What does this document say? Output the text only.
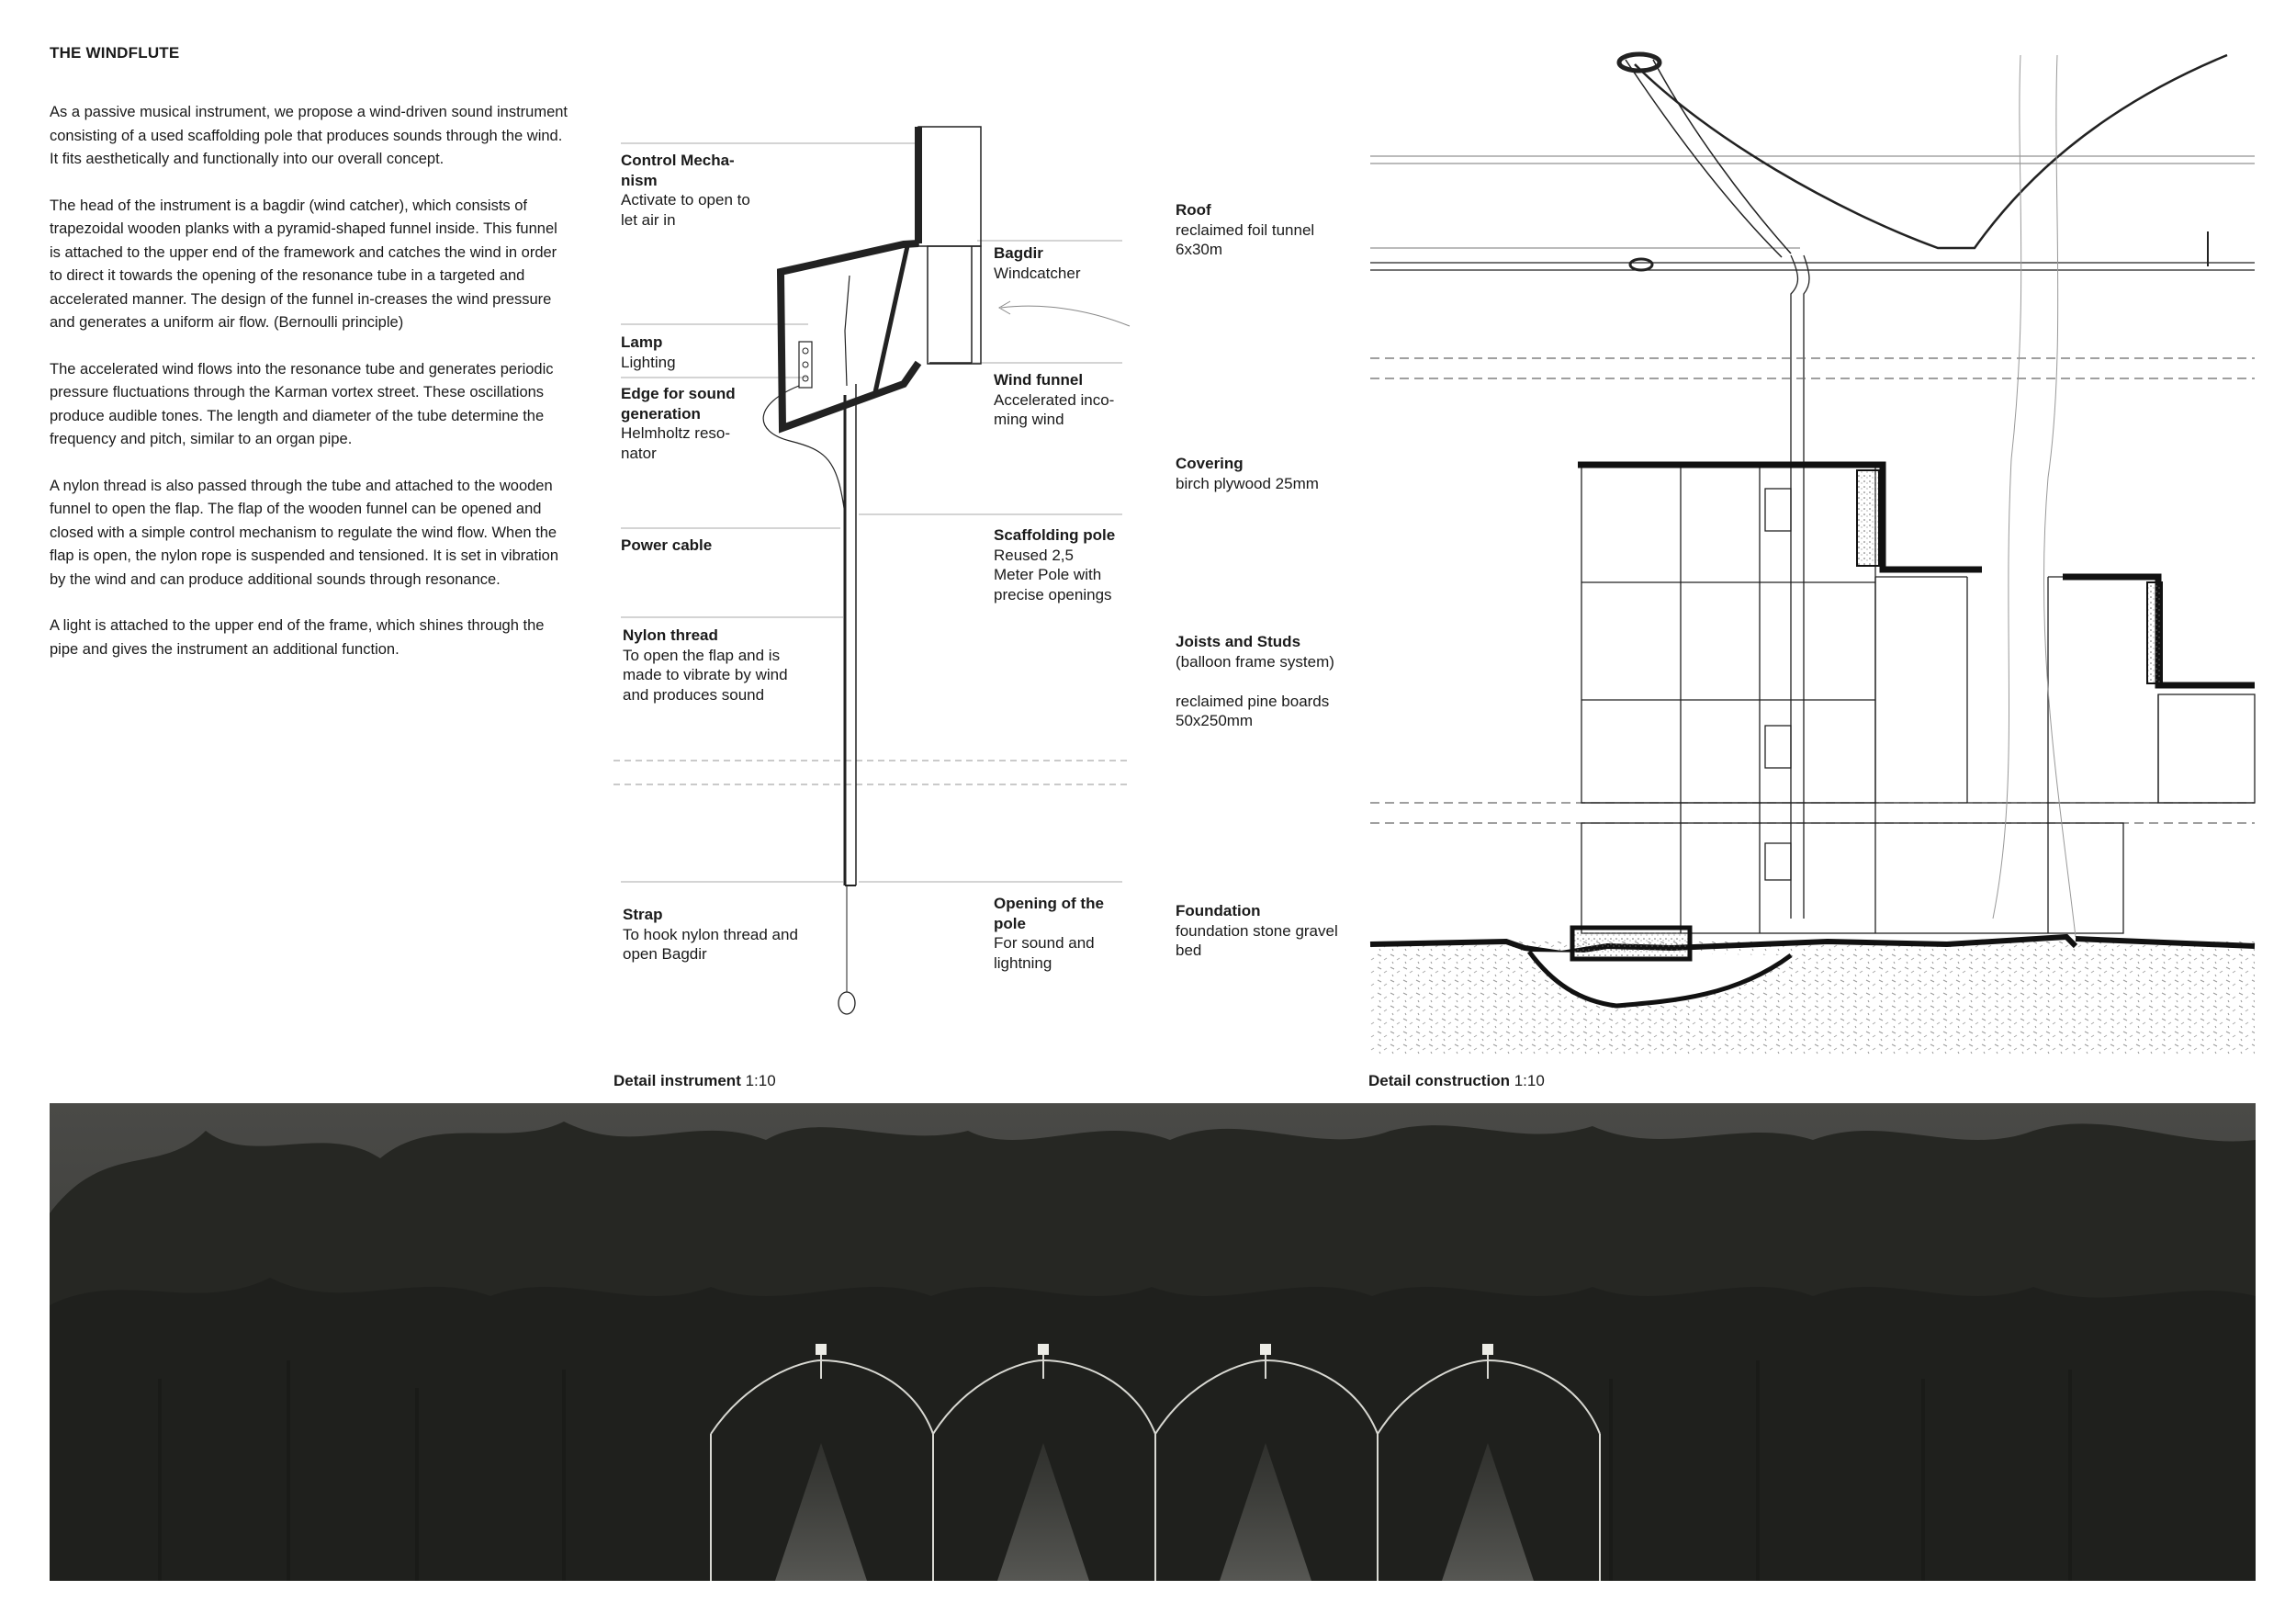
THE WINDFLUTE

As a passive musical instrument, we propose a wind-driven sound instrument consisting of a used scaffolding pole that produces sounds through the wind. It fits aesthetically and functionally into our overall concept.

The head of the instrument is a bagdir (wind catcher), which consists of trapezoidal wooden planks with a pyramid-shaped funnel inside. This funnel is attached to the upper end of the framework and catches the wind in order to direct it towards the opening of the resonance tube in a targeted and accelerated manner. The design of the funnel in-creases the wind pressure and generates a uniform air flow. (Bernoulli principle)

The accelerated wind flows into the resonance tube and generates periodic pressure fluctuations through the Karman vortex street. These oscillations produce audible tones. The length and diameter of the tube determine the frequency and pitch, similar to an organ pipe.

A nylon thread is also passed through the tube and attached to the wooden funnel to open the flap. The flap of the wooden funnel can be opened and closed with a simple control mechanism to regulate the wind flow. When the flap is open, the nylon rope is suspended and tensioned. It is set in vibration by the wind and can produce additional sounds through resonance.

A light is attached to the upper end of the frame, which shines through the pipe and gives the instrument an additional function.

Control Mecha-
nism
Activate to open to
let air in
Lamp
Lighting
Edge for sound
generation
Helmholtz reso-
nator
Power cable
Nylon thread
To open the flap and is
made to vibrate by wind
and produces sound
Strap
To hook nylon thread and
open Bagdir
Bagdir
Windcatcher
Wind funnel
Accelerated inco-
ming wind
Scaffolding pole
Reused 2,5
Meter Pole with
precise openings
Opening of the
pole
For sound and
lightning
Detail instrument 1:10
Roof
reclaimed foil tunnel
6x30m
Covering
birch plywood 25mm
Joists and Studs
(balloon frame system)

reclaimed pine boards
50x250mm
Foundation
foundation stone gravel
bed
Detail construction 1:10
